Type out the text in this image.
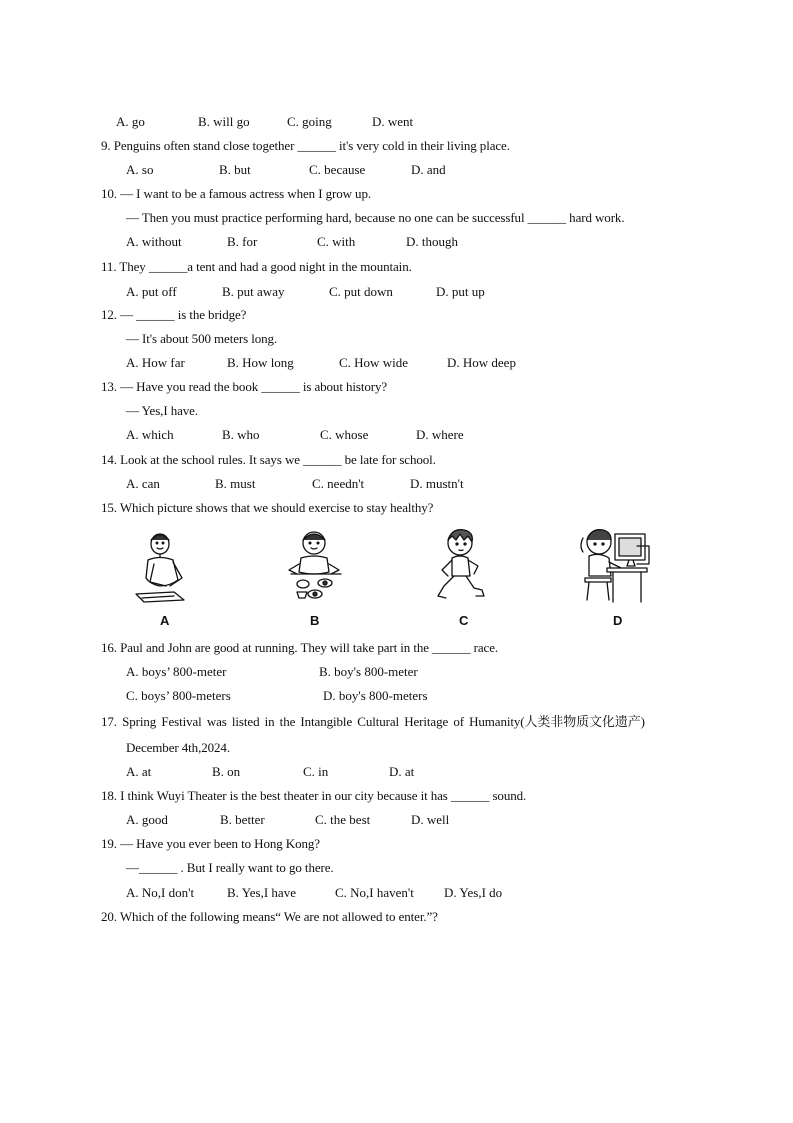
A. go	B. will go	C. going	D. went
9. Penguins often stand close together ______ it's very cold in their living place.
A. so	B. but	C. because	D. and
10. — I want to be a famous actress when I grow up.
— Then you must practice performing hard, because no one can be successful ______ hard work.
A. without	B. for	C. with	D. though
11. They ______a tent and had a good night in the mountain.
A. put off	B. put away	C. put down	D. put up
12. — ______ is the bridge?
— It's about 500 meters long.
A. How far	B. How long	C. How wide	D. How deep
13. — Have you read the book ______ is about history?
— Yes,I have.
A. which	B. who	C. whose	D. where
14. Look at the school rules. It says we ______ be late for school.
A. can	B. must	C. needn't	D. mustn't
15. Which picture shows that we should exercise to stay healthy?
A	B	C	D
16. Paul and John are good at running. They will take part in the ______ race.
A. boys’ 800-meter	B. boy's 800-meter
C. boys’ 800-meters	D. boy's 800-meters
17. Spring Festival was listed in the Intangible Cultural Heritage of Humanity(人类非物质文化遗产)
December 4th,2024.
A. at	B. on	C. in	D. at
18. I think Wuyi Theater is the best theater in our city because it has ______ sound.
A. good	B. better	C. the best	D. well
19. — Have you ever been to Hong Kong?
—______ . But I really want to go there.
A. No,I don't	B. Yes,I have	C. No,I haven't D. Yes,I do
20. Which of the following means“ We are not allowed to enter.”?
